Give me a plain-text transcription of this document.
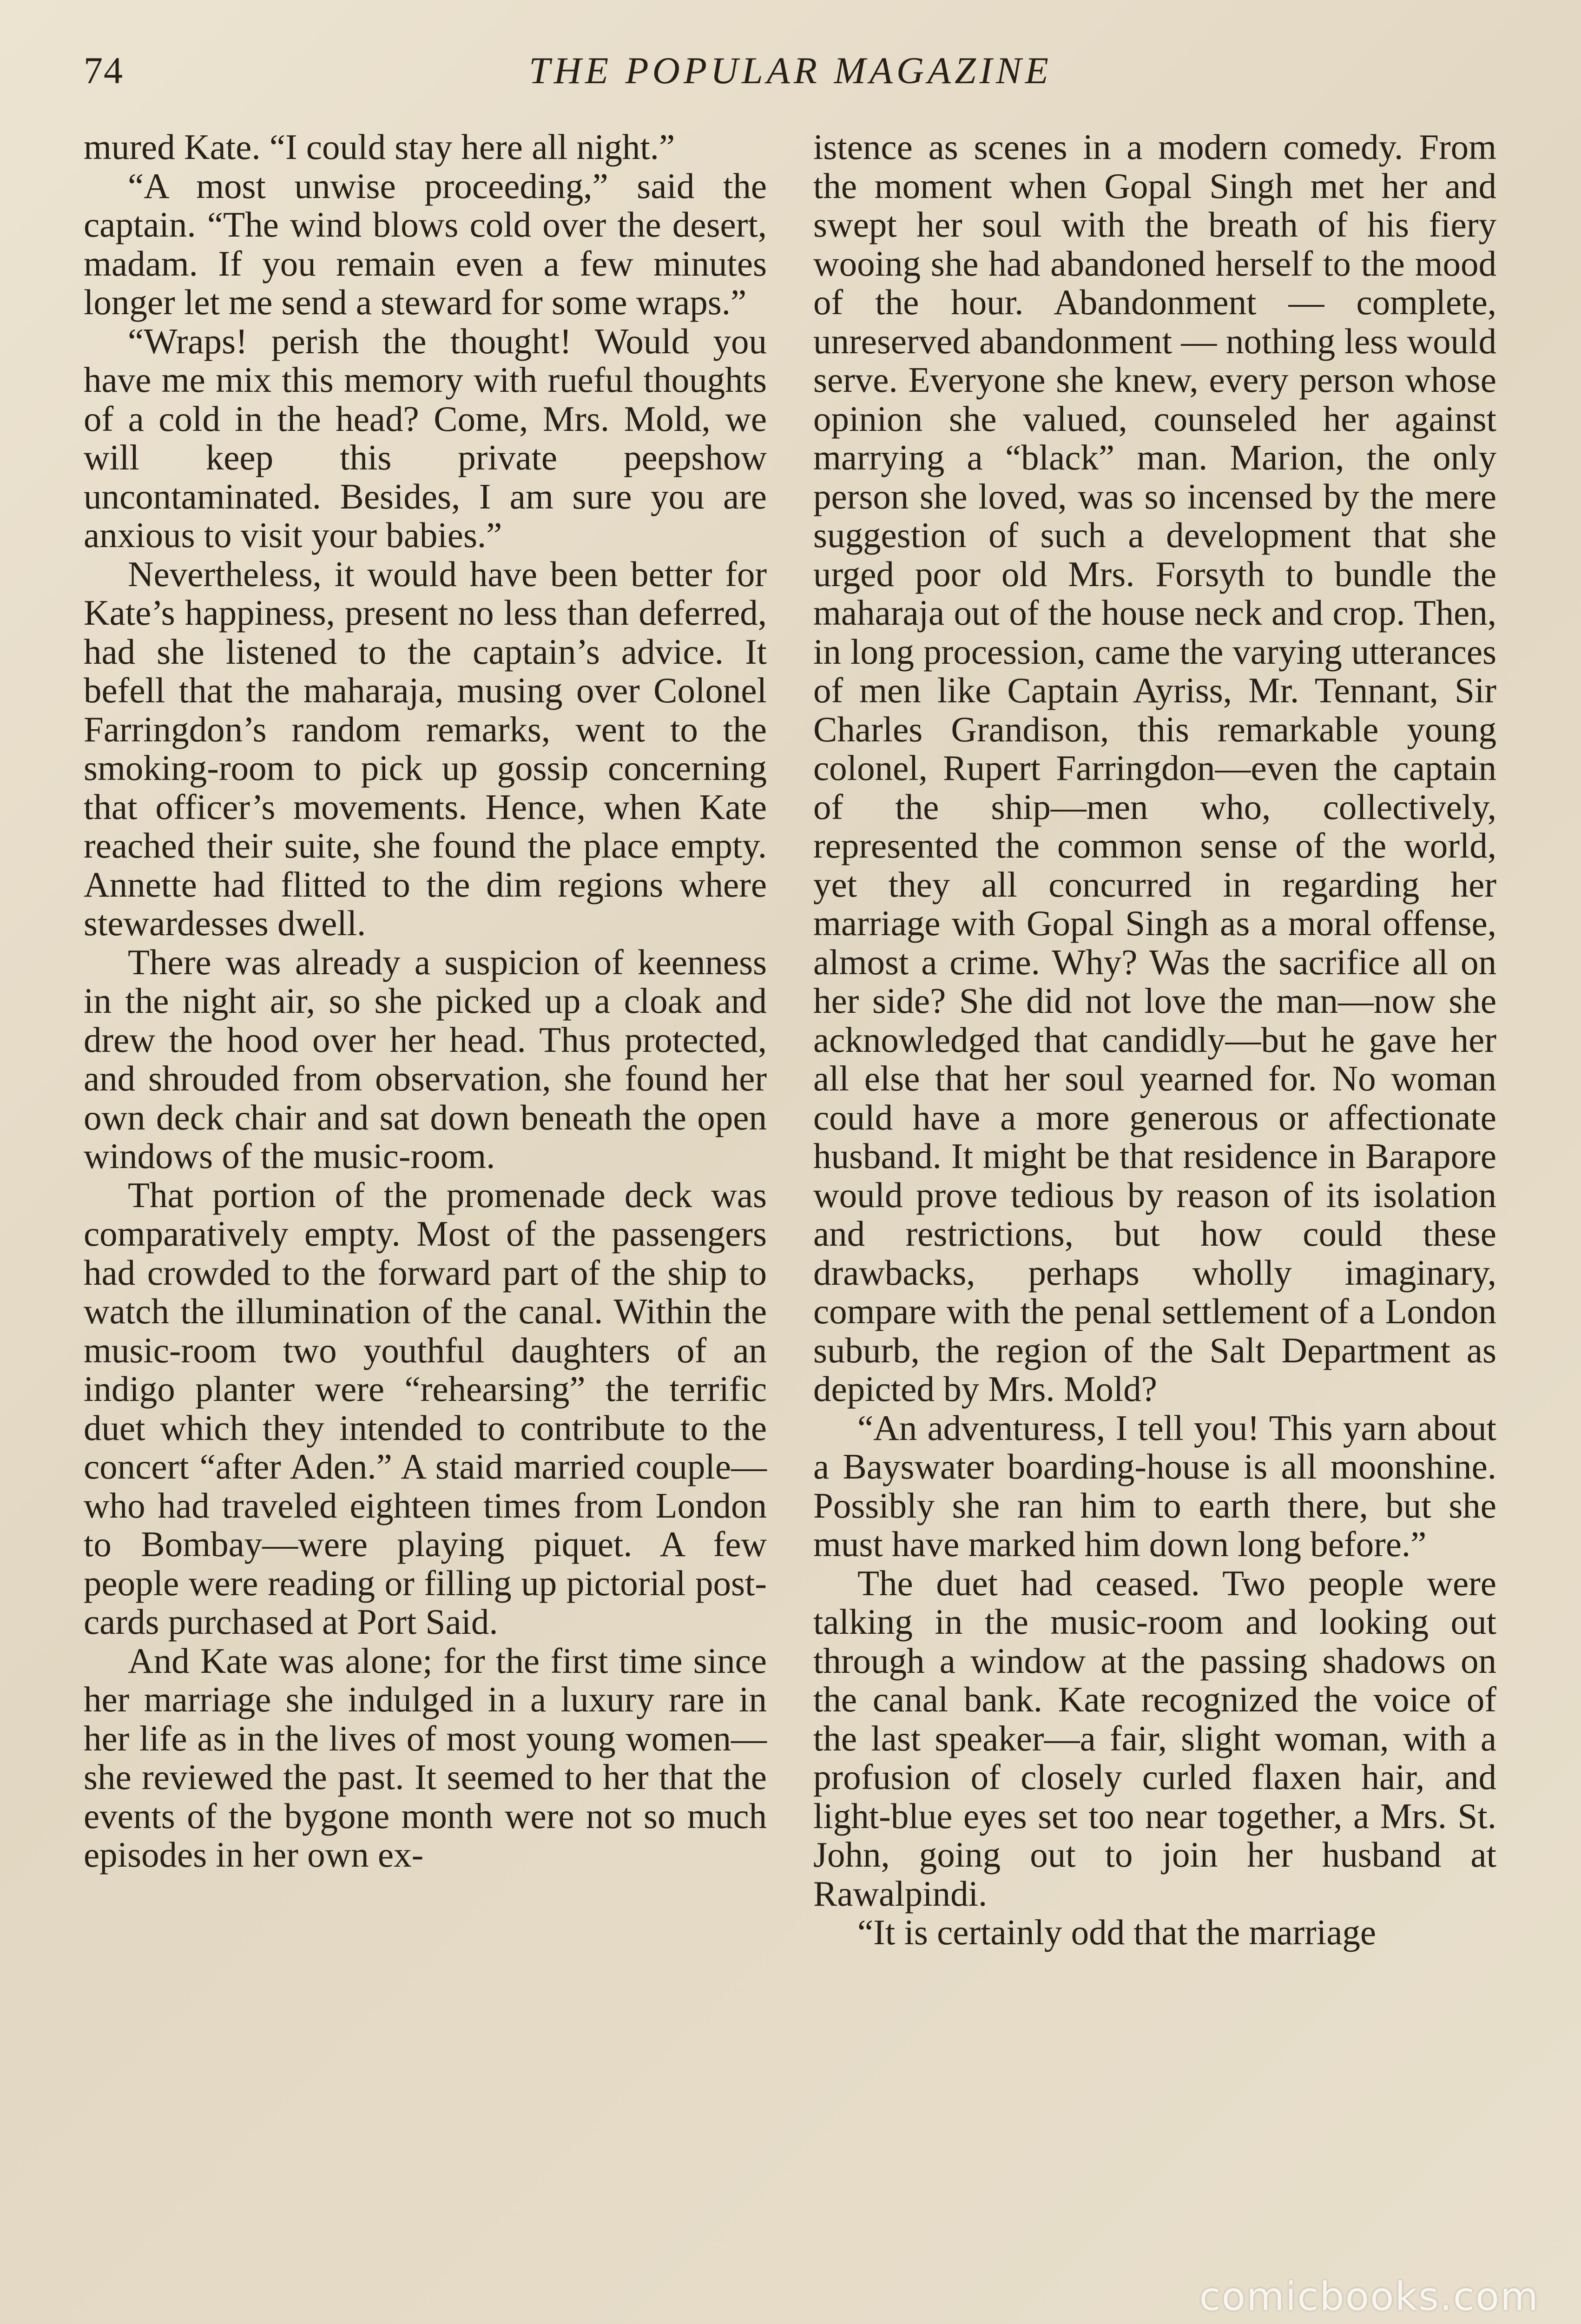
74	THE POPULAR MAGAZINE

mured Kate. “I could stay here all night.”

“A most unwise proceeding,” said the captain. “The wind blows cold over the desert, madam. If you remain even a few minutes longer let me send a steward for some wraps.”

“Wraps! perish the thought! Would you have me mix this memory with rueful thoughts of a cold in the head? Come, Mrs. Mold, we will keep this private peepshow uncontaminated. Besides, I am sure you are anxious to visit your babies.”

Nevertheless, it would have been better for Kate’s happiness, present no less than deferred, had she listened to the captain’s advice. It befell that the maharaja, musing over Colonel Farringdon’s random remarks, went to the smoking-room to pick up gossip concerning that officer’s movements. Hence, when Kate reached their suite, she found the place empty. Annette had flitted to the dim regions where stewardesses dwell.

There was already a suspicion of keenness in the night air, so she picked up a cloak and drew the hood over her head. Thus protected, and shrouded from observation, she found her own deck chair and sat down beneath the open windows of the music-room.

That portion of the promenade deck was comparatively empty. Most of the passengers had crowded to the forward part of the ship to watch the illumination of the canal. Within the music-room two youthful daughters of an indigo planter were “rehearsing” the terrific duet which they intended to contribute to the concert “after Aden.” A staid married couple—who had traveled eighteen times from London to Bombay—were playing piquet. A few people were reading or filling up pictorial post-cards purchased at Port Said.

And Kate was alone; for the first time since her marriage she indulged in a luxury rare in her life as in the lives of most young women—she reviewed the past. It seemed to her that the events of the bygone month were not so much episodes in her own ex-

istence as scenes in a modern comedy. From the moment when Gopal Singh met her and swept her soul with the breath of his fiery wooing she had abandoned herself to the mood of the hour. Abandonment — complete, unreserved abandonment — nothing less would serve. Everyone she knew, every person whose opinion she valued, counseled her against marrying a “black” man. Marion, the only person she loved, was so incensed by the mere suggestion of such a development that she urged poor old Mrs. Forsyth to bundle the maharaja out of the house neck and crop. Then, in long procession, came the varying utterances of men like Captain Ayriss, Mr. Tennant, Sir Charles Grandison, this remarkable young colonel, Rupert Farringdon—even the captain of the ship—men who, collectively, represented the common sense of the world, yet they all concurred in regarding her marriage with Gopal Singh as a moral offense, almost a crime. Why? Was the sacrifice all on her side? She did not love the man—now she acknowledged that candidly—but he gave her all else that her soul yearned for. No woman could have a more generous or affectionate husband. It might be that residence in Barapore would prove tedious by reason of its isolation and restrictions, but how could these drawbacks, perhaps wholly imaginary, compare with the penal settlement of a London suburb, the region of the Salt Department as depicted by Mrs. Mold?

“An adventuress, I tell you! This yarn about a Bayswater boarding-house is all moonshine. Possibly she ran him to earth there, but she must have marked him down long before.”

The duet had ceased. Two people were talking in the music-room and looking out through a window at the passing shadows on the canal bank. Kate recognized the voice of the last speaker—a fair, slight woman, with a profusion of closely curled flaxen hair, and light-blue eyes set too near together, a Mrs. St. John, going out to join her husband at Rawalpindi.

“It is certainly odd that the marriage

comicbooks.com
